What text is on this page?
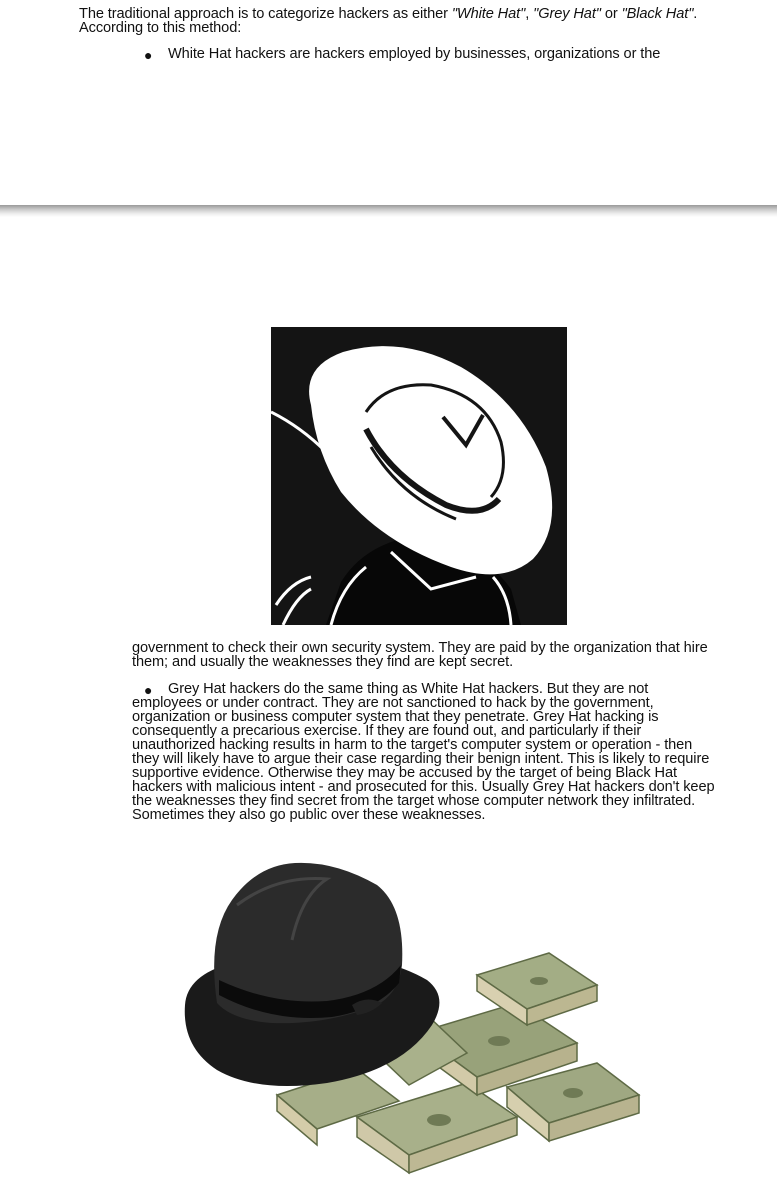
The traditional approach is to categorize hackers as either "White Hat", "Grey Hat" or "Black Hat". According to this method:
● White Hat hackers are hackers employed by businesses, organizations or the
government to check their own security system. They are paid by the organization that hire them; and usually the weaknesses they find are kept secret.
●	Grey Hat hackers do the same thing as White Hat hackers. But they are not employees or under contract. They are not sanctioned to hack by the government, organization or business computer system that they penetrate. Grey Hat hacking is consequently a precarious exercise. If they are found out, and particularly if their unauthorized hacking results in harm to the target's computer system or operation - then they will likely have to argue their case regarding their benign intent. This is likely to require supportive evidence. Otherwise they may be accused by the target of being Black Hat hackers with malicious intent - and prosecuted for this. Usually Grey Hat hackers don't keep the weaknesses they find secret from the target whose computer network they infiltrated. Sometimes they also go public over these weaknesses.
